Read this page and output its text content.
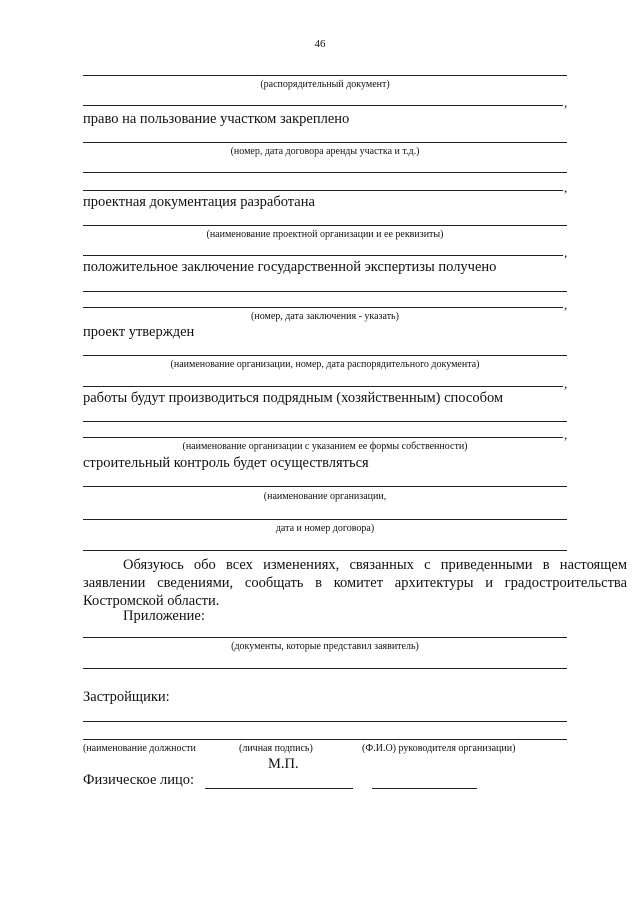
46
(распорядительный документ)
,
право на пользование участком закреплено
(номер, дата договора аренды участка и т.д.)
,
проектная документация разработана
(наименование проектной организации и ее реквизиты)
,
положительное заключение государственной экспертизы получено
,
(номер, дата заключения - указать)
проект утвержден
(наименование организации, номер, дата распорядительного документа)
,
работы будут производиться подрядным (хозяйственным) способом
,
(наименование организации с указанием ее формы собственности)
строительный контроль будет осуществляться
(наименование организации,
дата и номер договора)
Обязуюсь обо всех изменениях, связанных с приведенными в настоящем заявлении сведениями, сообщать в комитет архитектуры и градостроительства Костромской области.
Приложение:
(документы, которые представил заявитель)
Застройщики:
(наименование должности	(личная подпись)	(Ф.И.О) руководителя организации)
М.П.
Физическое лицо:
